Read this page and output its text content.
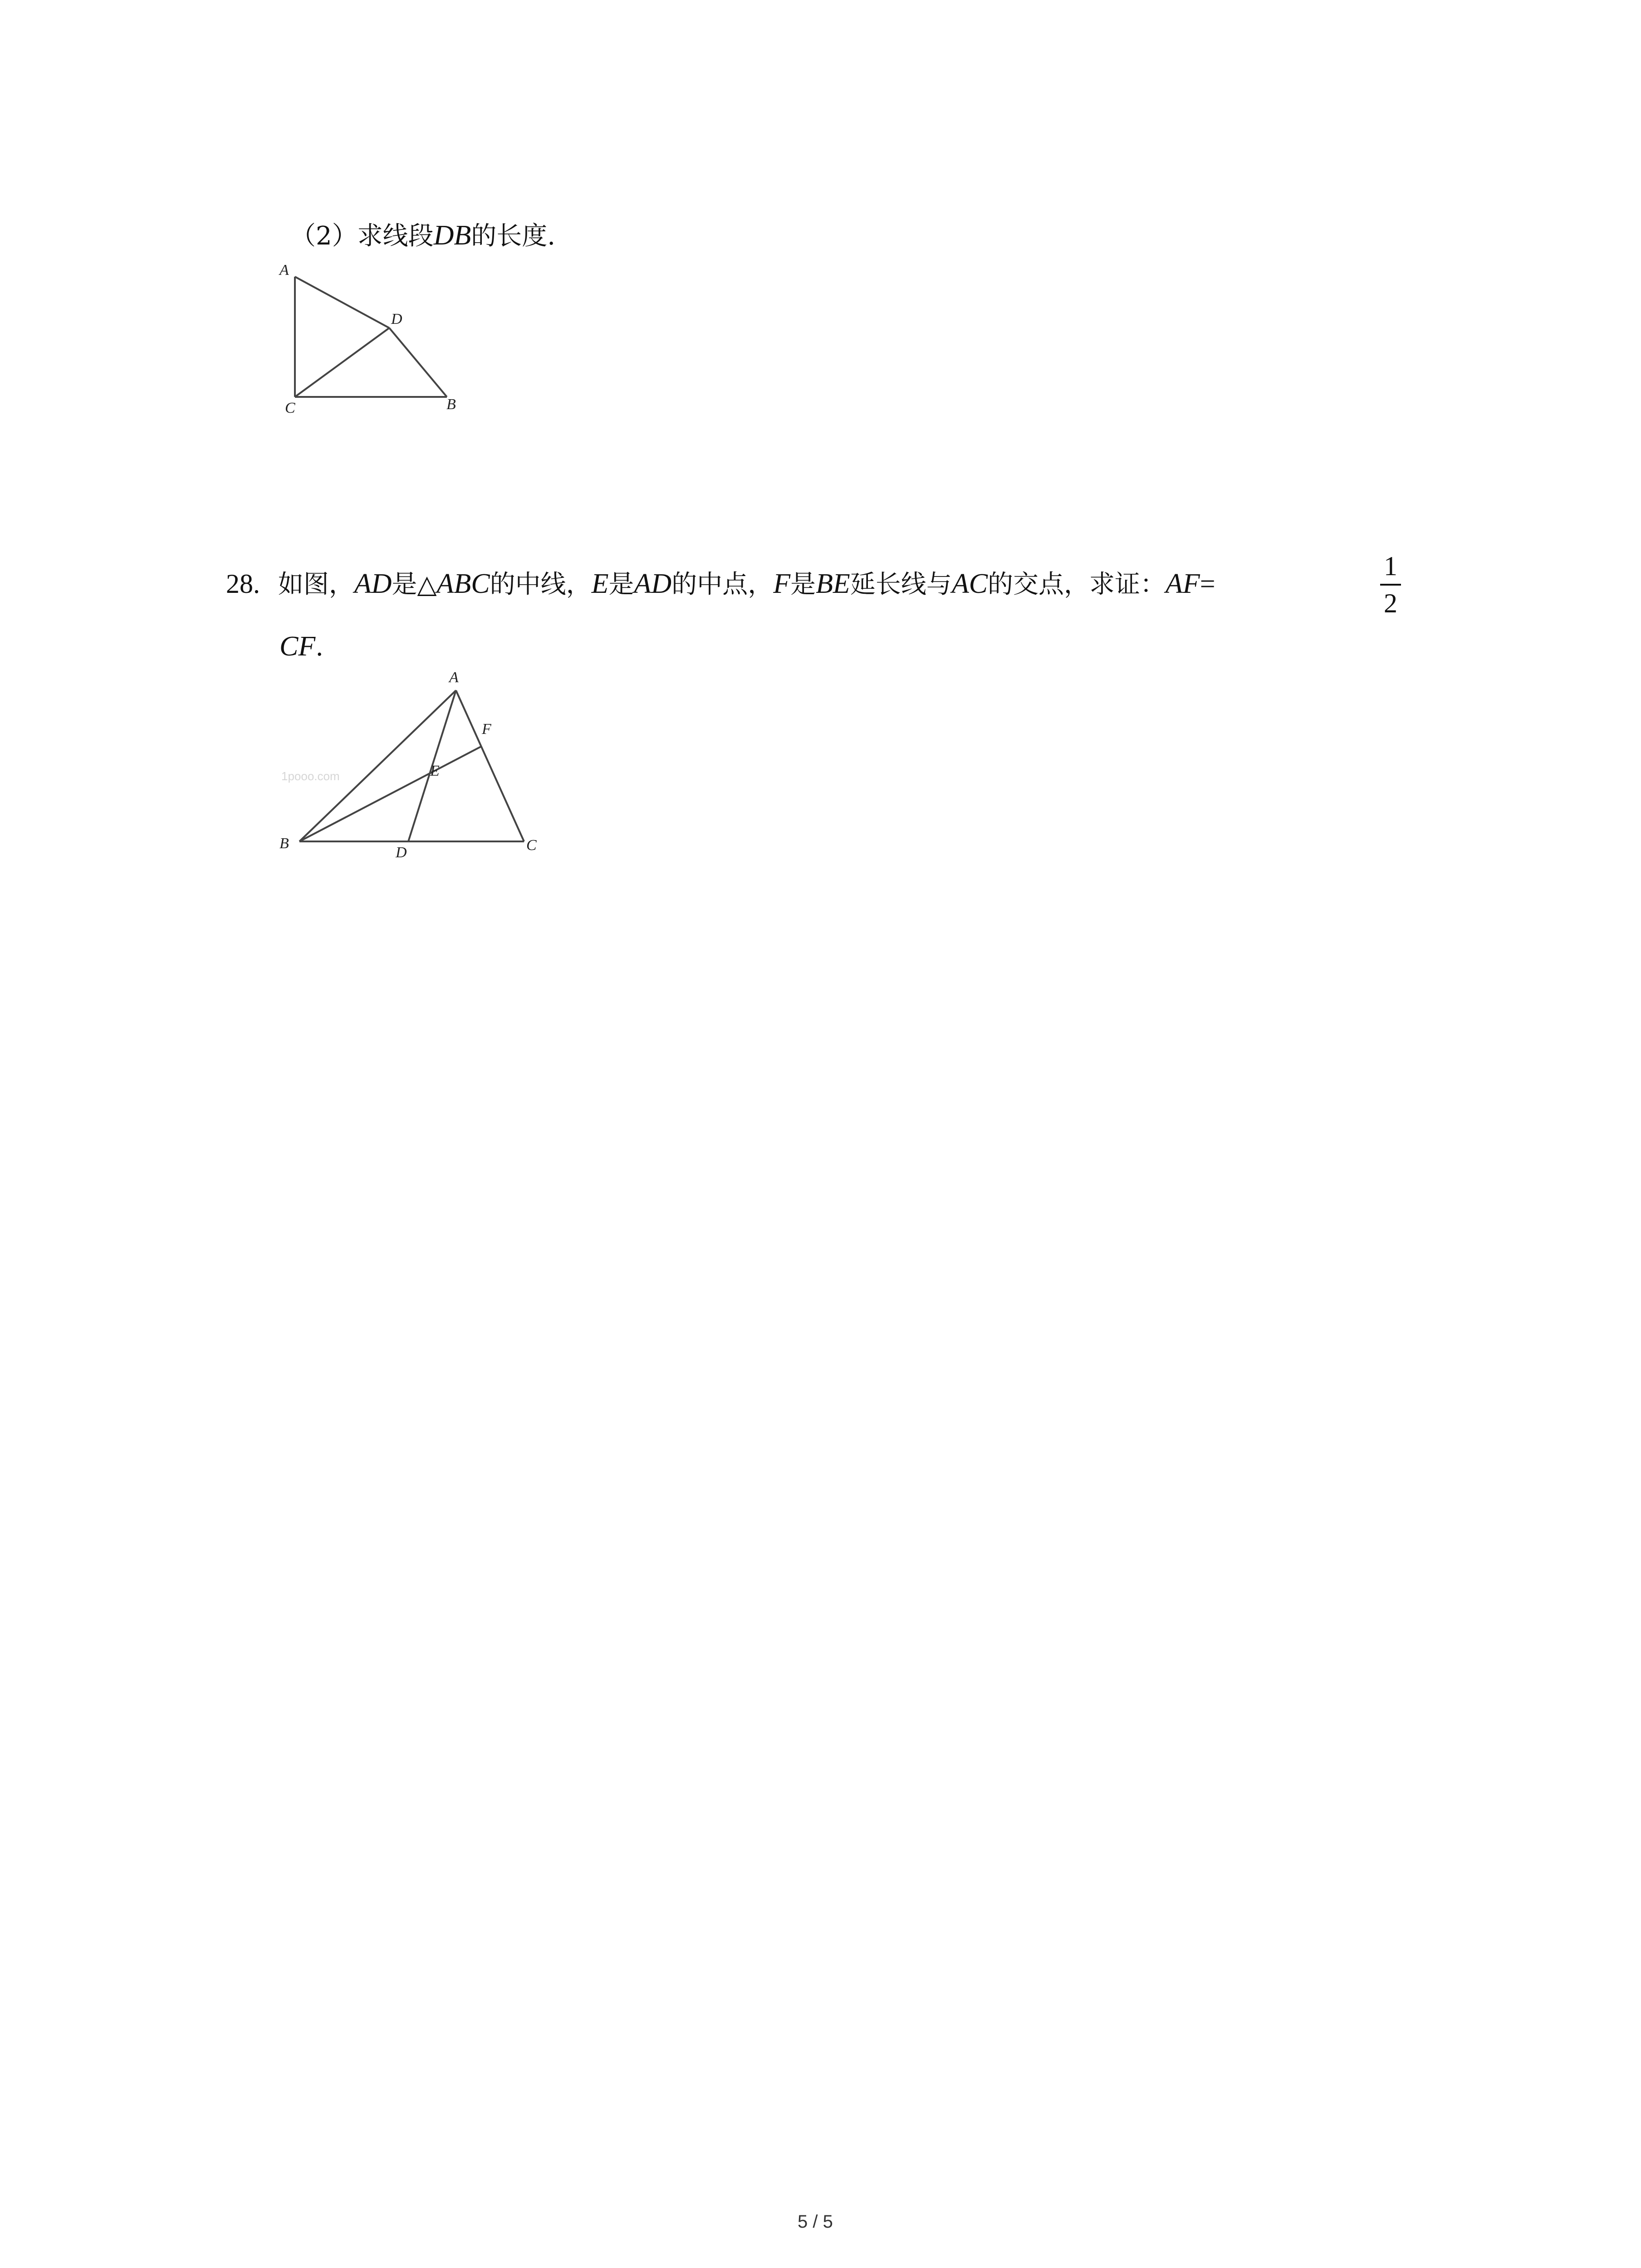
（2）求线段DB的长度.
A
D
C	B
28. 如图，AD是△ABC的中线，E是AD的中点，F是BE延长线与AC的交点，求证：AF=
1
2
CF.
1pooo.com
A
F
E
B
D	C
5 / 5
